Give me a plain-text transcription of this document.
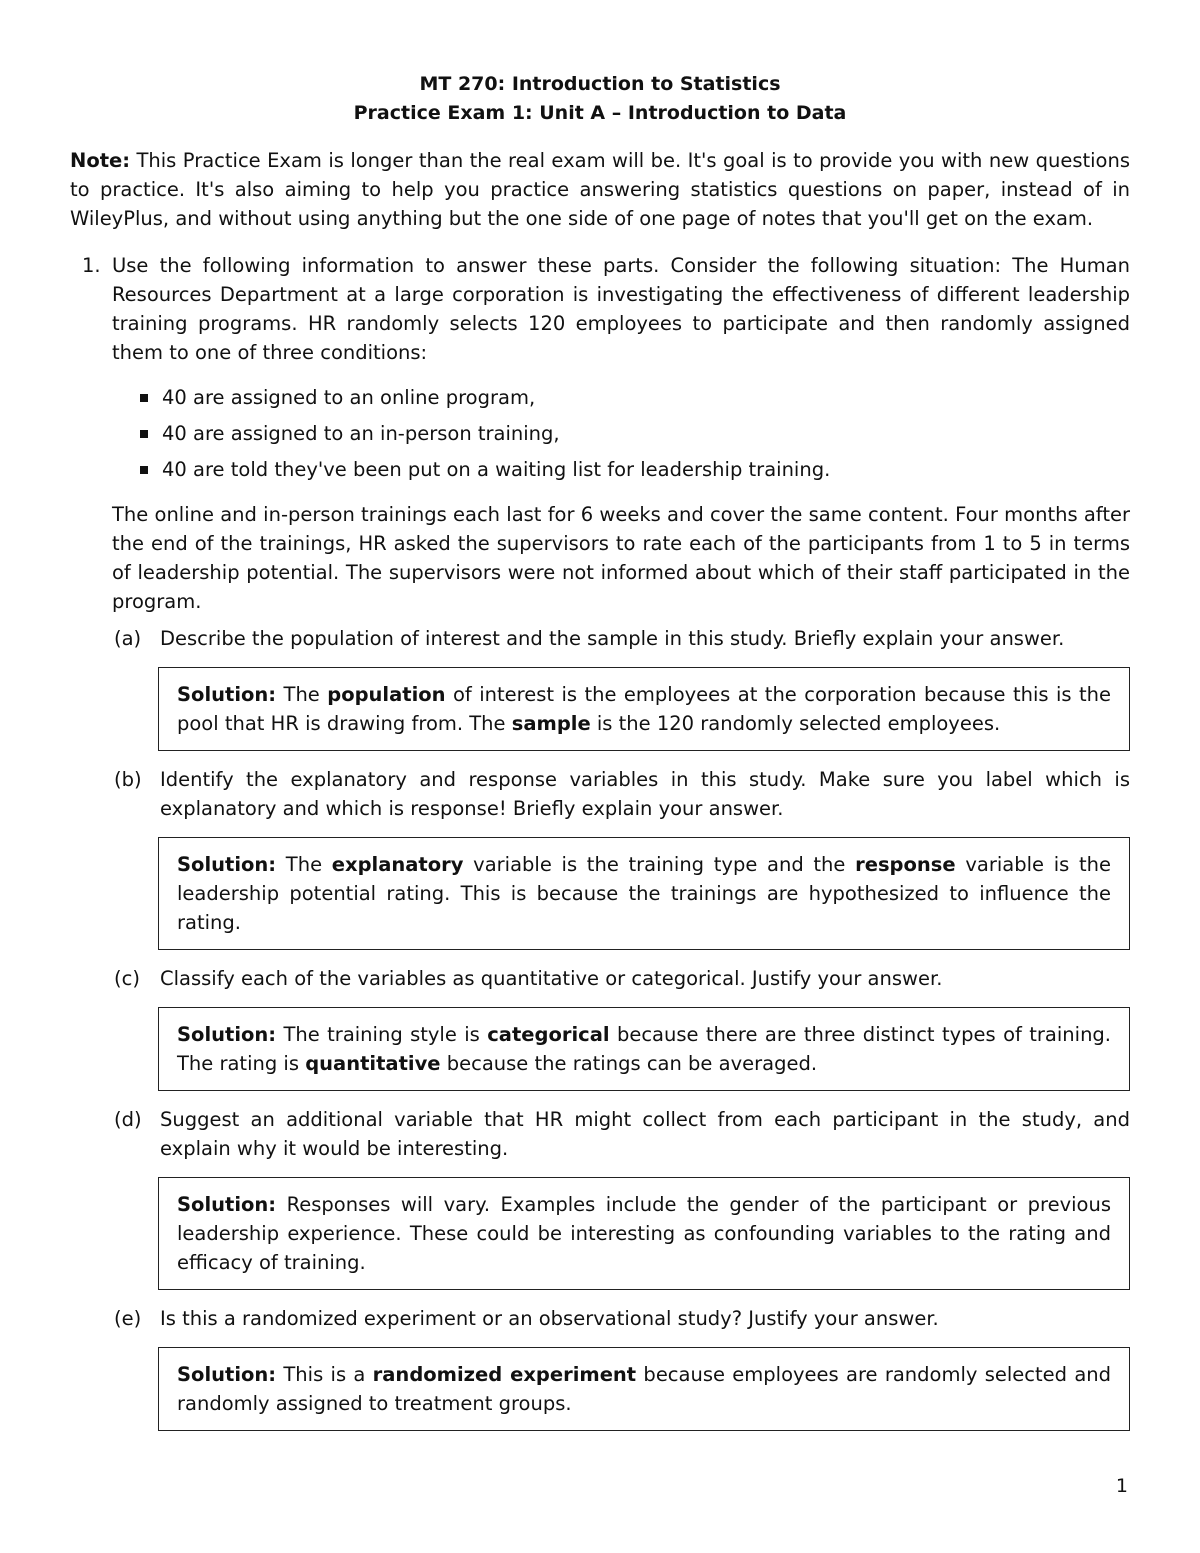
MT 270: Introduction to Statistics
Practice Exam 1: Unit A – Introduction to Data
Note: This Practice Exam is longer than the real exam will be. It's goal is to provide you with new questions to practice. It's also aiming to help you practice answering statistics questions on paper, instead of in WileyPlus, and without using anything but the one side of one page of notes that you'll get on the exam.
1. Use the following information to answer these parts. Consider the following situation: The Human Resources Department at a large corporation is investigating the effectiveness of different leadership training programs. HR randomly selects 120 employees to participate and then randomly assigned them to one of three conditions:
40 are assigned to an online program,
40 are assigned to an in-person training,
40 are told they've been put on a waiting list for leadership training.
The online and in-person trainings each last for 6 weeks and cover the same content. Four months after the end of the trainings, HR asked the supervisors to rate each of the participants from 1 to 5 in terms of leadership potential. The supervisors were not informed about which of their staff participated in the program.
(a) Describe the population of interest and the sample in this study. Briefly explain your answer.
Solution: The population of interest is the employees at the corporation because this is the pool that HR is drawing from. The sample is the 120 randomly selected employees.
(b) Identify the explanatory and response variables in this study. Make sure you label which is explanatory and which is response! Briefly explain your answer.
Solution: The explanatory variable is the training type and the response variable is the leadership potential rating. This is because the trainings are hypothesized to influence the rating.
(c) Classify each of the variables as quantitative or categorical. Justify your answer.
Solution: The training style is categorical because there are three distinct types of training. The rating is quantitative because the ratings can be averaged.
(d) Suggest an additional variable that HR might collect from each participant in the study, and explain why it would be interesting.
Solution: Responses will vary. Examples include the gender of the participant or previous leadership experience. These could be interesting as confounding variables to the rating and efficacy of training.
(e) Is this a randomized experiment or an observational study? Justify your answer.
Solution: This is a randomized experiment because employees are randomly selected and randomly assigned to treatment groups.
1
